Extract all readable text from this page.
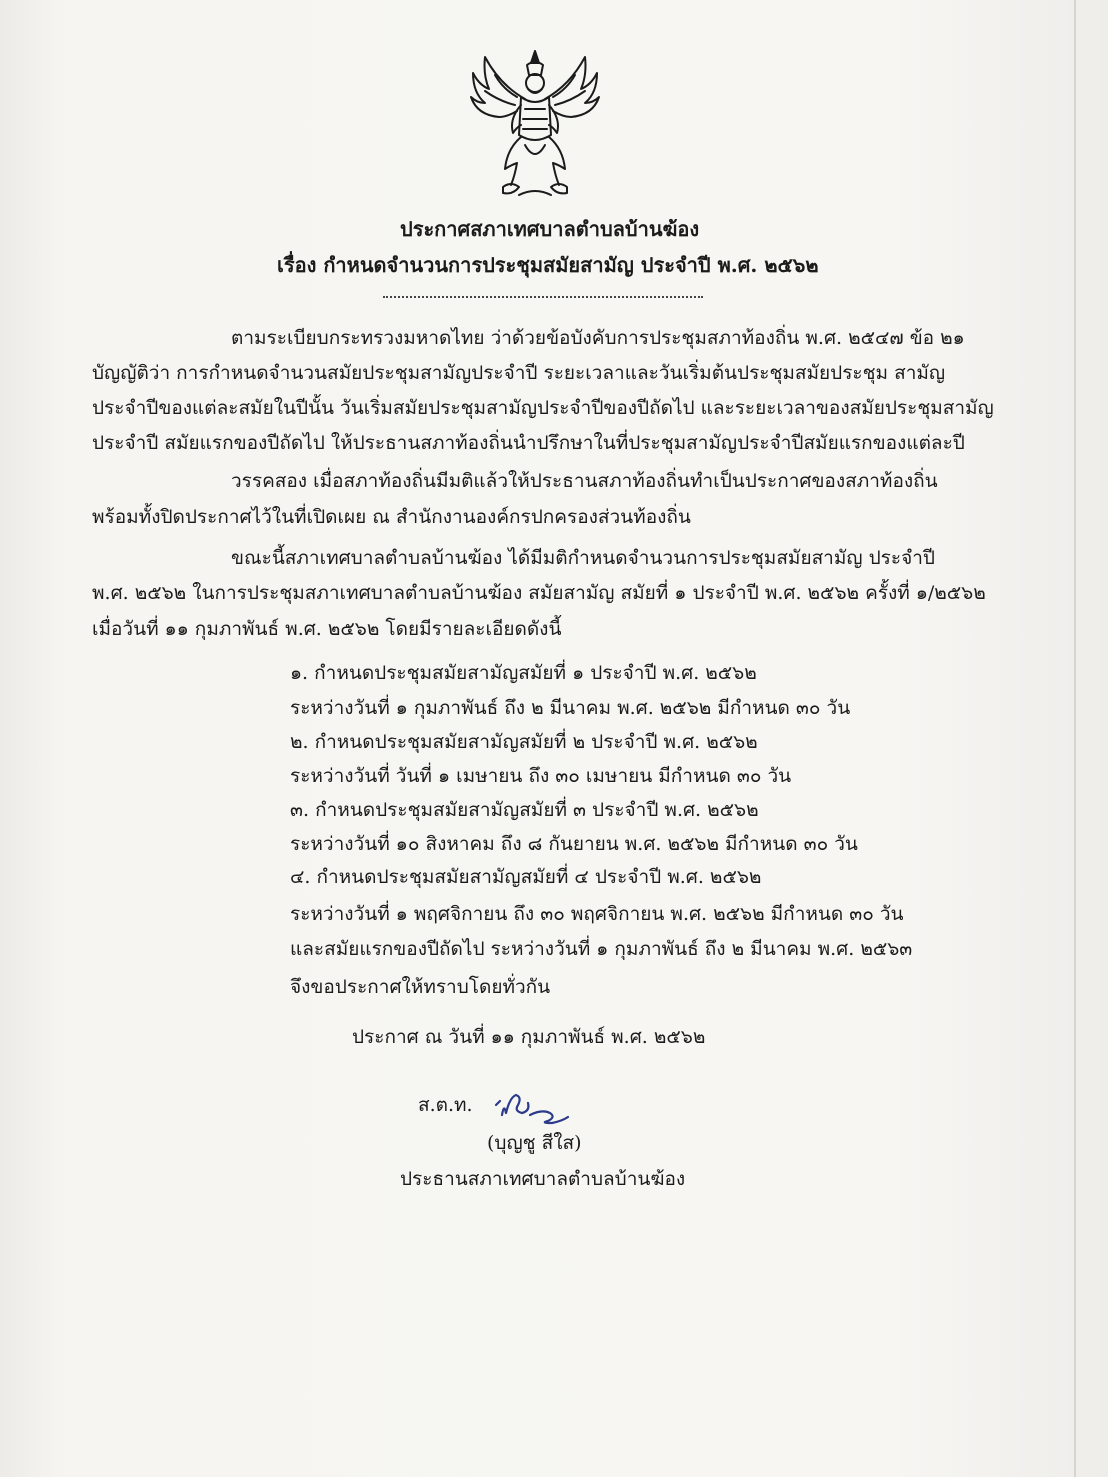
ประกาศสภาเทศบาลตำบลบ้านฆ้อง
เรื่อง กำหนดจำนวนการประชุมสมัยสามัญ ประจำปี พ.ศ. ๒๕๖๒
ตามระเบียบกระทรวงมหาดไทย ว่าด้วยข้อบังคับการประชุมสภาท้องถิ่น พ.ศ. ๒๕๔๗ ข้อ ๒๑
บัญญัติว่า การกำหนดจำนวนสมัยประชุมสามัญประจำปี ระยะเวลาและวันเริ่มต้นประชุมสมัยประชุม สามัญ
ประจำปีของแต่ละสมัยในปีนั้น วันเริ่มสมัยประชุมสามัญประจำปีของปีถัดไป และระยะเวลาของสมัยประชุมสามัญ
ประจำปี สมัยแรกของปีถัดไป ให้ประธานสภาท้องถิ่นนำปรึกษาในที่ประชุมสามัญประจำปีสมัยแรกของแต่ละปี
วรรคสอง เมื่อสภาท้องถิ่นมีมติแล้วให้ประธานสภาท้องถิ่นทำเป็นประกาศของสภาท้องถิ่น
พร้อมทั้งปิดประกาศไว้ในที่เปิดเผย ณ สำนักงานองค์กรปกครองส่วนท้องถิ่น
ขณะนี้สภาเทศบาลตำบลบ้านฆ้อง ได้มีมติกำหนดจำนวนการประชุมสมัยสามัญ ประจำปี
พ.ศ. ๒๕๖๒ ในการประชุมสภาเทศบาลตำบลบ้านฆ้อง สมัยสามัญ สมัยที่ ๑ ประจำปี พ.ศ. ๒๕๖๒ ครั้งที่ ๑/๒๕๖๒
เมื่อวันที่ ๑๑ กุมภาพันธ์ พ.ศ. ๒๕๖๒ โดยมีรายละเอียดดังนี้
๑. กำหนดประชุมสมัยสามัญสมัยที่ ๑ ประจำปี พ.ศ. ๒๕๖๒
ระหว่างวันที่ ๑ กุมภาพันธ์ ถึง ๒ มีนาคม พ.ศ. ๒๕๖๒ มีกำหนด ๓๐ วัน
๒. กำหนดประชุมสมัยสามัญสมัยที่ ๒ ประจำปี พ.ศ. ๒๕๖๒
ระหว่างวันที่ วันที่ ๑ เมษายน ถึง ๓๐ เมษายน มีกำหนด ๓๐ วัน
๓. กำหนดประชุมสมัยสามัญสมัยที่ ๓ ประจำปี พ.ศ. ๒๕๖๒
ระหว่างวันที่ ๑๐ สิงหาคม ถึง ๘ กันยายน พ.ศ. ๒๕๖๒ มีกำหนด ๓๐ วัน
๔. กำหนดประชุมสมัยสามัญสมัยที่ ๔ ประจำปี พ.ศ. ๒๕๖๒
ระหว่างวันที่ ๑ พฤศจิกายน ถึง ๓๐ พฤศจิกายน พ.ศ. ๒๕๖๒ มีกำหนด ๓๐ วัน
และสมัยแรกของปีถัดไป ระหว่างวันที่ ๑ กุมภาพันธ์ ถึง ๒ มีนาคม พ.ศ. ๒๕๖๓
จึงขอประกาศให้ทราบโดยทั่วกัน
ประกาศ ณ วันที่ ๑๑ กุมภาพันธ์ พ.ศ. ๒๕๖๒
ส.ต.ท.
(บุญชู สีใส)
ประธานสภาเทศบาลตำบลบ้านฆ้อง
